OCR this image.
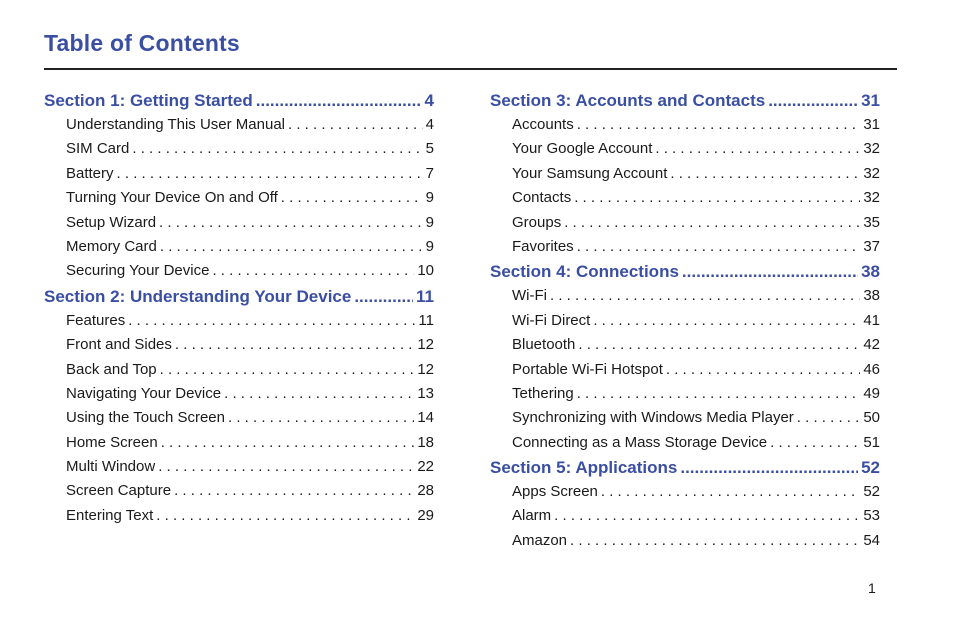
Table of Contents
Section 1: Getting Started .....	4
Understanding This User Manual . . .	4
SIM Card . . .	5
Battery . . .	7
Turning Your Device On and Off . . .	9
Setup Wizard . . .	9
Memory Card . . .	9
Securing Your Device . . .	10
Section 2: Understanding Your Device .....	11
Features . . .	11
Front and Sides . . .	12
Back and Top . . .	12
Navigating Your Device . . .	13
Using the Touch Screen . . .	14
Home Screen . . .	18
Multi Window . . .	22
Screen Capture . . .	28
Entering Text . . .	29
Section 3: Accounts and Contacts .....	31
Accounts . . .	31
Your Google Account . . .	32
Your Samsung Account . . .	32
Contacts . . .	32
Groups . . .	35
Favorites . . .	37
Section 4: Connections .....	38
Wi-Fi . . .	38
Wi-Fi Direct . . .	41
Bluetooth . . .	42
Portable Wi-Fi Hotspot . . .	46
Tethering . . .	49
Synchronizing with Windows Media Player . . .	50
Connecting as a Mass Storage Device . . .	51
Section 5: Applications .....	52
Apps Screen . . .	52
Alarm . . .	53
Amazon . . .	54
1
